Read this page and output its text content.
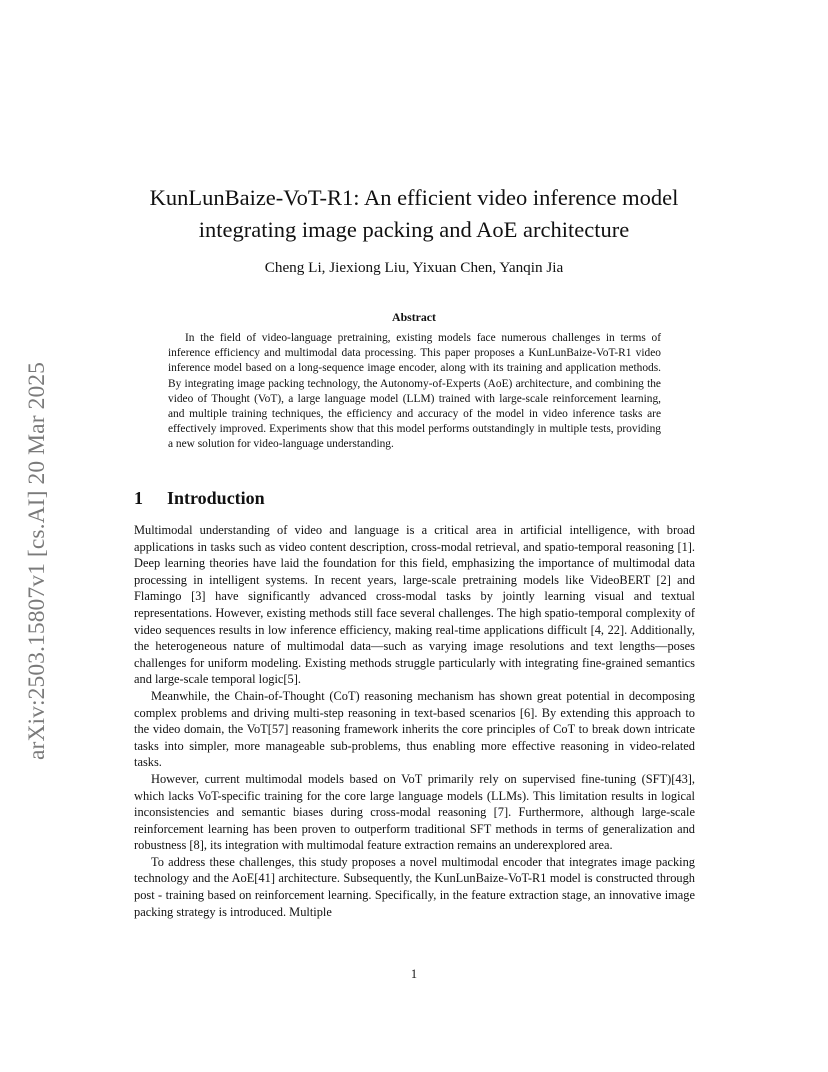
arXiv:2503.15807v1 [cs.AI] 20 Mar 2025
KunLunBaize-VoT-R1: An efficient video inference model
integrating image packing and AoE architecture
Cheng Li, Jiexiong Liu, Yixuan Chen, Yanqin Jia
Abstract

In the field of video-language pretraining, existing models face numerous challenges in terms of inference efficiency and multimodal data processing. This paper proposes a KunLunBaize-VoT-R1 video inference model based on a long-sequence image encoder, along with its training and application methods. By integrating image packing technology, the Autonomy-of-Experts (AoE) architecture, and combining the video of Thought (VoT), a large language model (LLM) trained with large-scale reinforcement learning, and multiple training techniques, the efficiency and accuracy of the model in video inference tasks are effectively improved. Experiments show that this model performs outstandingly in multiple tests, providing a new solution for video-language understanding.

1 Introduction

Multimodal understanding of video and language is a critical area in artificial intelligence, with broad applications in tasks such as video content description, cross-modal retrieval, and spatio-temporal reasoning [1]. Deep learning theories have laid the foundation for this field, emphasizing the importance of multimodal data processing in intelligent systems. In recent years, large-scale pretraining models like VideoBERT [2] and Flamingo [3] have significantly advanced cross-modal tasks by jointly learning visual and textual representations. However, existing methods still face several challenges. The high spatio-temporal complexity of video sequences results in low inference efficiency, making real-time applications difficult [4, 22]. Additionally, the heterogeneous nature of multimodal data—such as varying image resolutions and text lengths—poses challenges for uniform modeling. Existing methods struggle particularly with integrating fine-grained semantics and large-scale temporal logic[5].

Meanwhile, the Chain-of-Thought (CoT) reasoning mechanism has shown great potential in decomposing complex problems and driving multi-step reasoning in text-based scenarios [6]. By extending this approach to the video domain, the VoT[57] reasoning framework inherits the core principles of CoT to break down intricate tasks into simpler, more manageable sub-problems, thus enabling more effective reasoning in video-related tasks.

However, current multimodal models based on VoT primarily rely on supervised fine-tuning (SFT)[43], which lacks VoT-specific training for the core large language models (LLMs). This limitation results in logical inconsistencies and semantic biases during cross-modal reasoning [7]. Furthermore, although large-scale reinforcement learning has been proven to outperform traditional SFT methods in terms of generalization and robustness [8], its integration with multimodal feature extraction remains an underexplored area.

To address these challenges, this study proposes a novel multimodal encoder that integrates image packing technology and the AoE[41] architecture. Subsequently, the KunLunBaize-VoT-R1 model is constructed through post - training based on reinforcement learning. Specifically, in the feature extraction stage, an innovative image packing strategy is introduced. Multiple

1
